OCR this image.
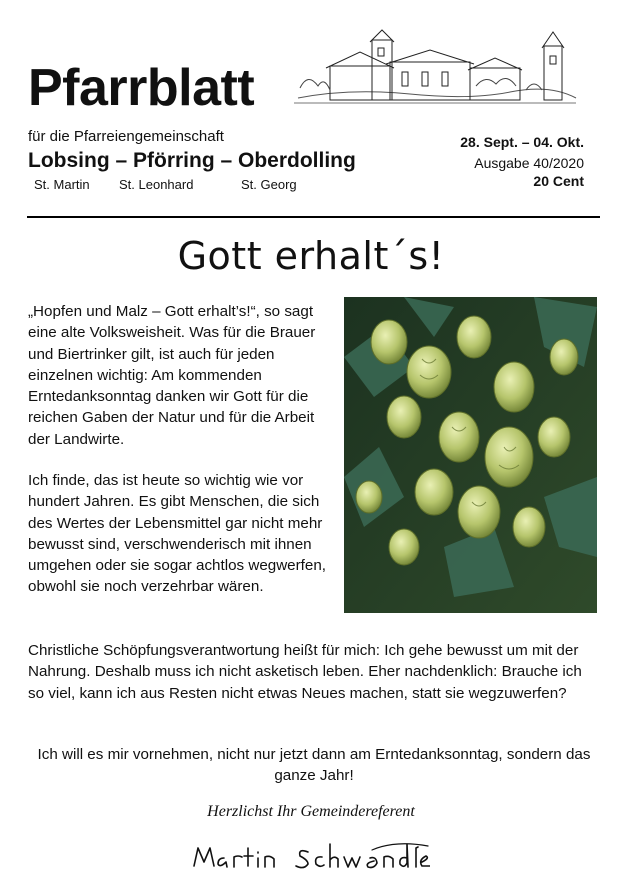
Pfarrblatt
für die Pfarreiengemeinschaft
Lobsing – Pförring – Oberdolling
St. Martin St. Leonhard	St. Georg
28. Sept. – 04. Okt.
Ausgabe 40/2020
20 Cent
Gott erhalt´s!
„Hopfen und Malz – Gott erhalt’s!“, so sagt eine alte Volksweisheit. Was für die Brauer und Biertrinker gilt, ist auch für jeden einzelnen wichtig: Am kommenden Erntedanksonntag danken wir Gott für die reichen Gaben der Natur und für die Arbeit der Landwirte.
Ich finde, das ist heute so wichtig wie vor hundert Jahren. Es gibt Menschen, die sich des Wertes der Lebensmittel gar nicht mehr bewusst sind, verschwenderisch mit ihnen umgehen oder sie sogar achtlos wegwerfen, obwohl sie noch verzehrbar wären.
Christliche Schöpfungsverantwortung heißt für mich: Ich gehe bewusst um mit der Nahrung. Deshalb muss ich nicht asketisch leben. Eher nachdenklich: Brauche ich so viel, kann ich aus Resten nicht etwas Neues machen, statt sie wegzuwerfen?
Ich will es mir vornehmen, nicht nur jetzt dann am Erntedanksonntag, sondern das ganze Jahr!
Herzlichst Ihr Gemeindereferent
